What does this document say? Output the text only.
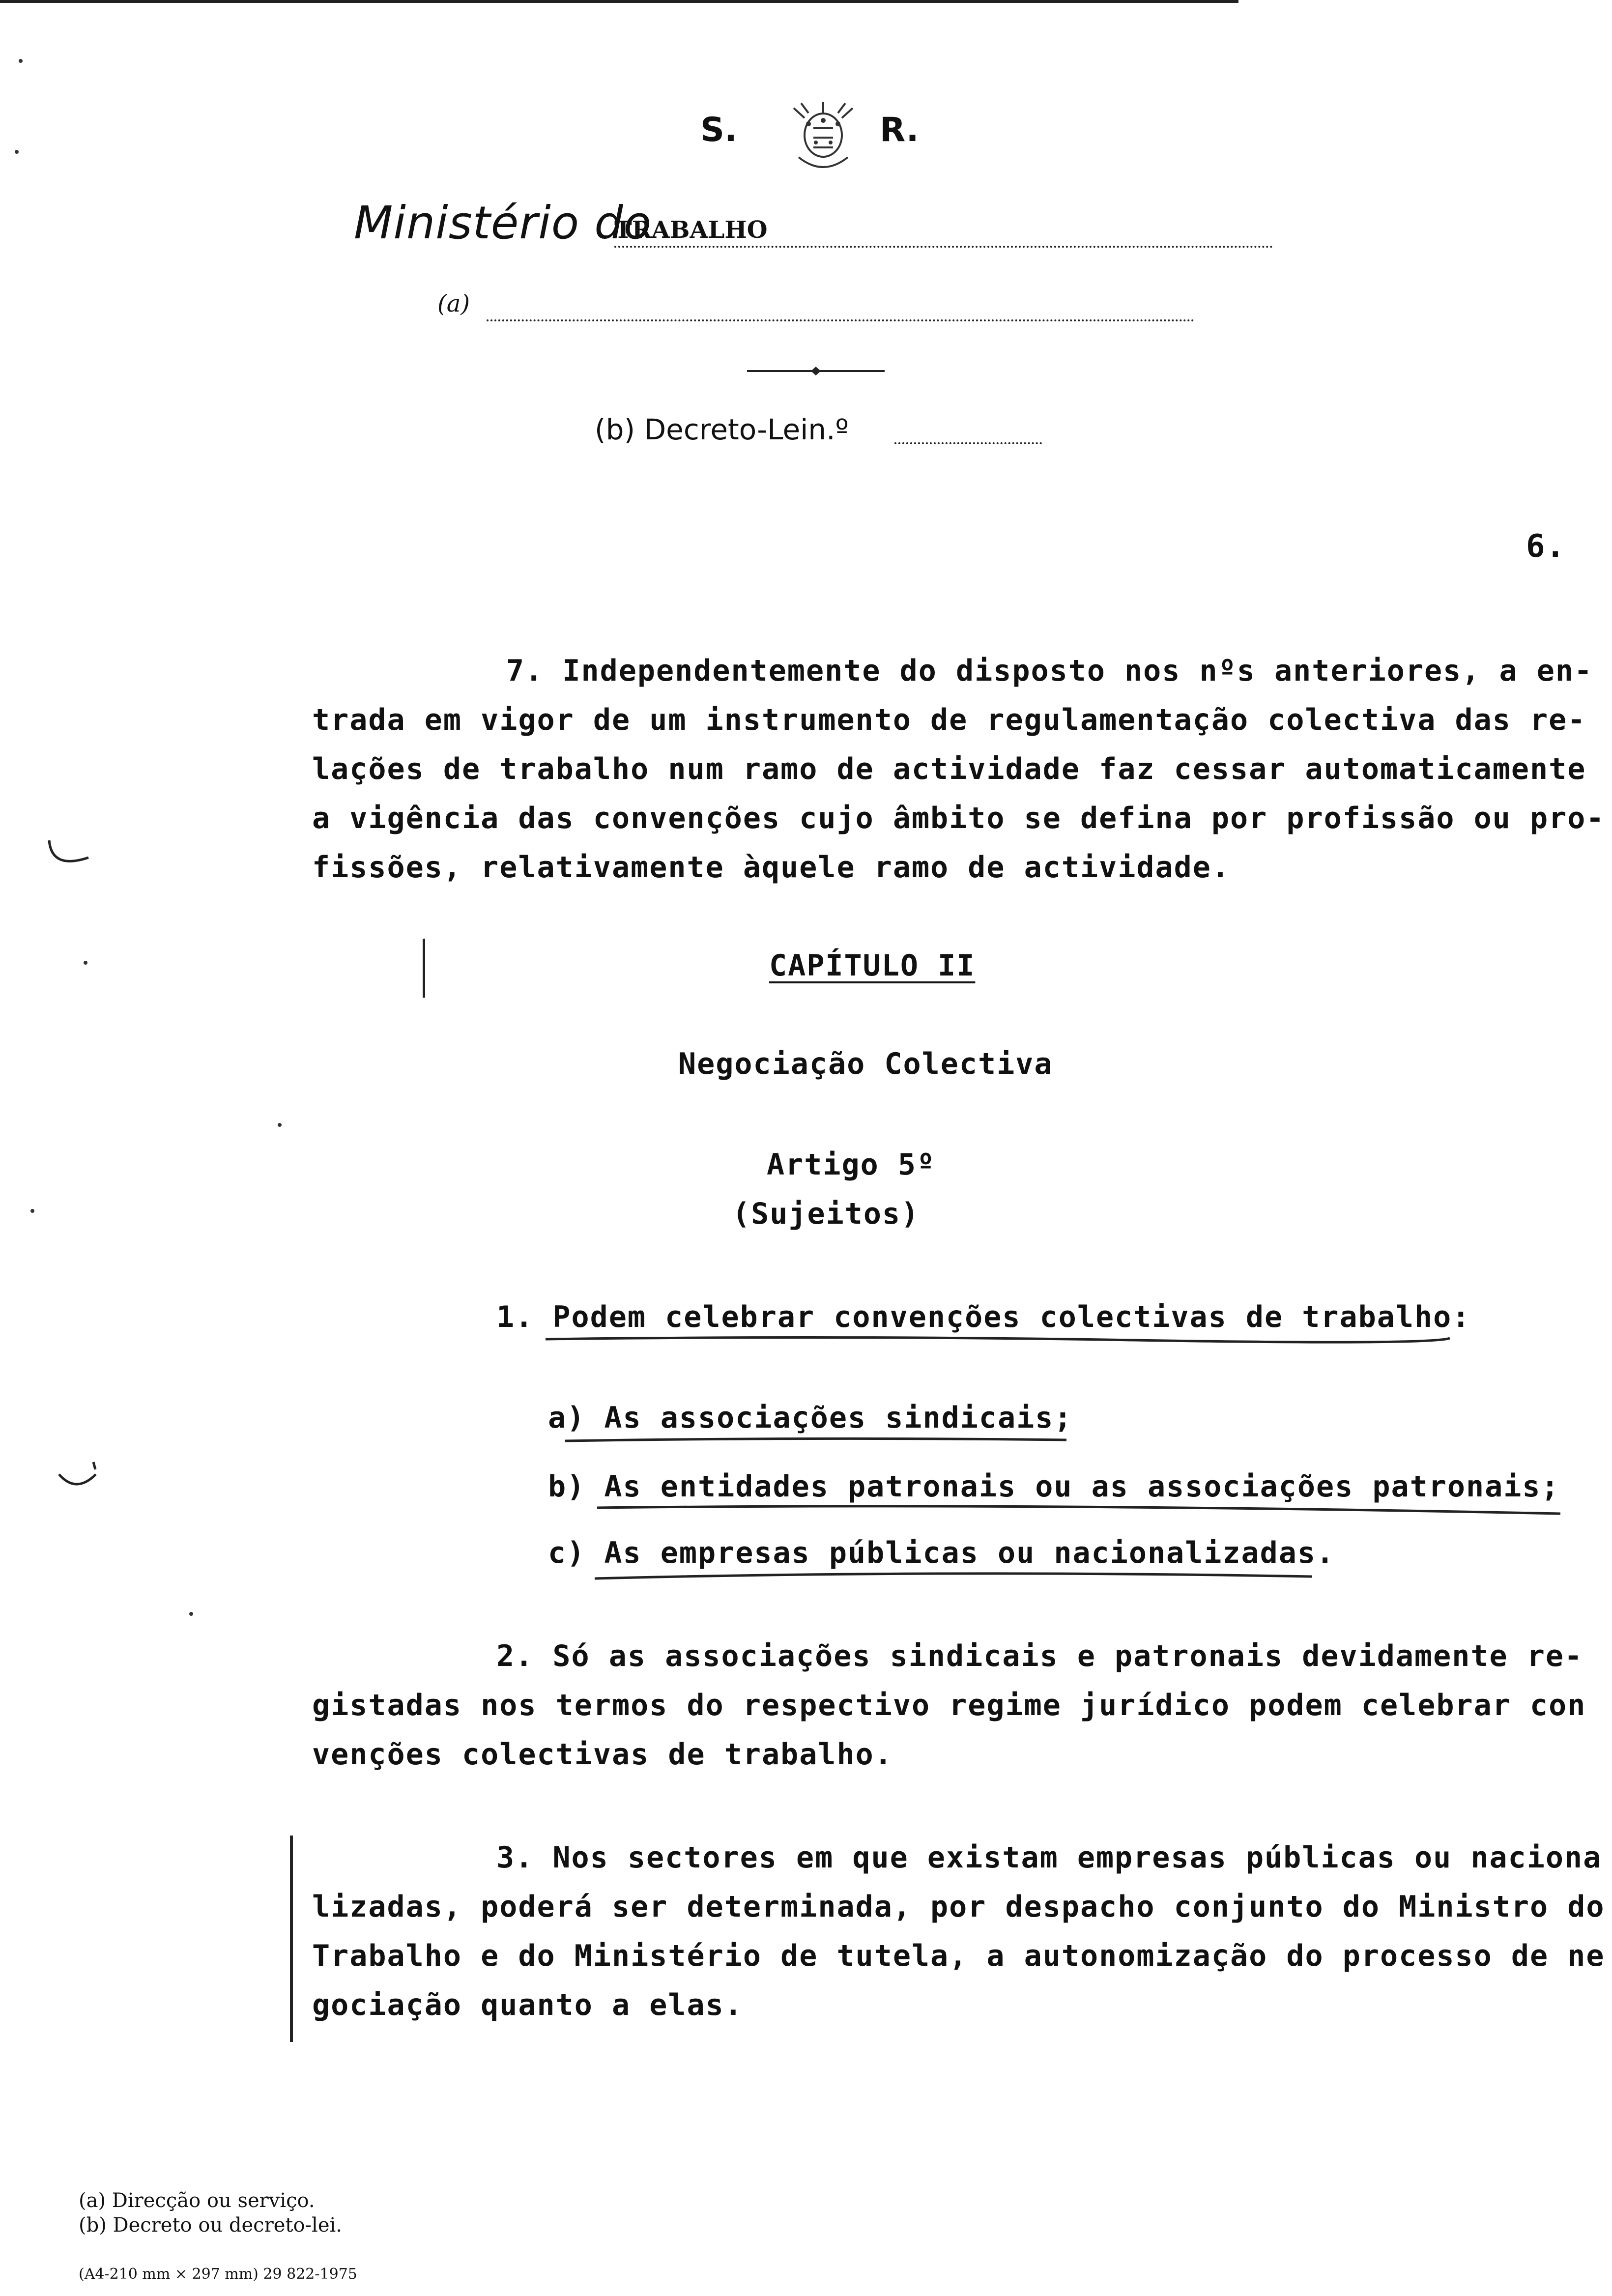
S.	R.
Ministério do
TRABALHO
(a)
(b) Decreto-Lein.º
6.
7. Independentemente do disposto nos nºs anteriores, a en-
trada em vigor de um instrumento de regulamentação colectiva das re-
lações de trabalho num ramo de actividade faz cessar automaticamente
a vigência das convenções cujo âmbito se defina por profissão ou pro-
fissões, relativamente àquele ramo de actividade.
CAPÍTULO II
Negociação Colectiva
Artigo 5º
(Sujeitos)
1. Podem celebrar convenções colectivas de trabalho:
a) As associações sindicais;
b) As entidades patronais ou as associações patronais;
c) As empresas públicas ou nacionalizadas.
2. Só as associações sindicais e patronais devidamente re-
gistadas nos termos do respectivo regime jurídico podem celebrar con
venções colectivas de trabalho.
3. Nos sectores em que existam empresas públicas ou naciona
lizadas, poderá ser determinada, por despacho conjunto do Ministro do
Trabalho e do Ministério de tutela, a autonomização do processo de ne
gociação quanto a elas.
(a) Direcção ou serviço.
(b) Decreto ou decreto-lei.
(A4-210 mm × 297 mm) 29 822-1975
